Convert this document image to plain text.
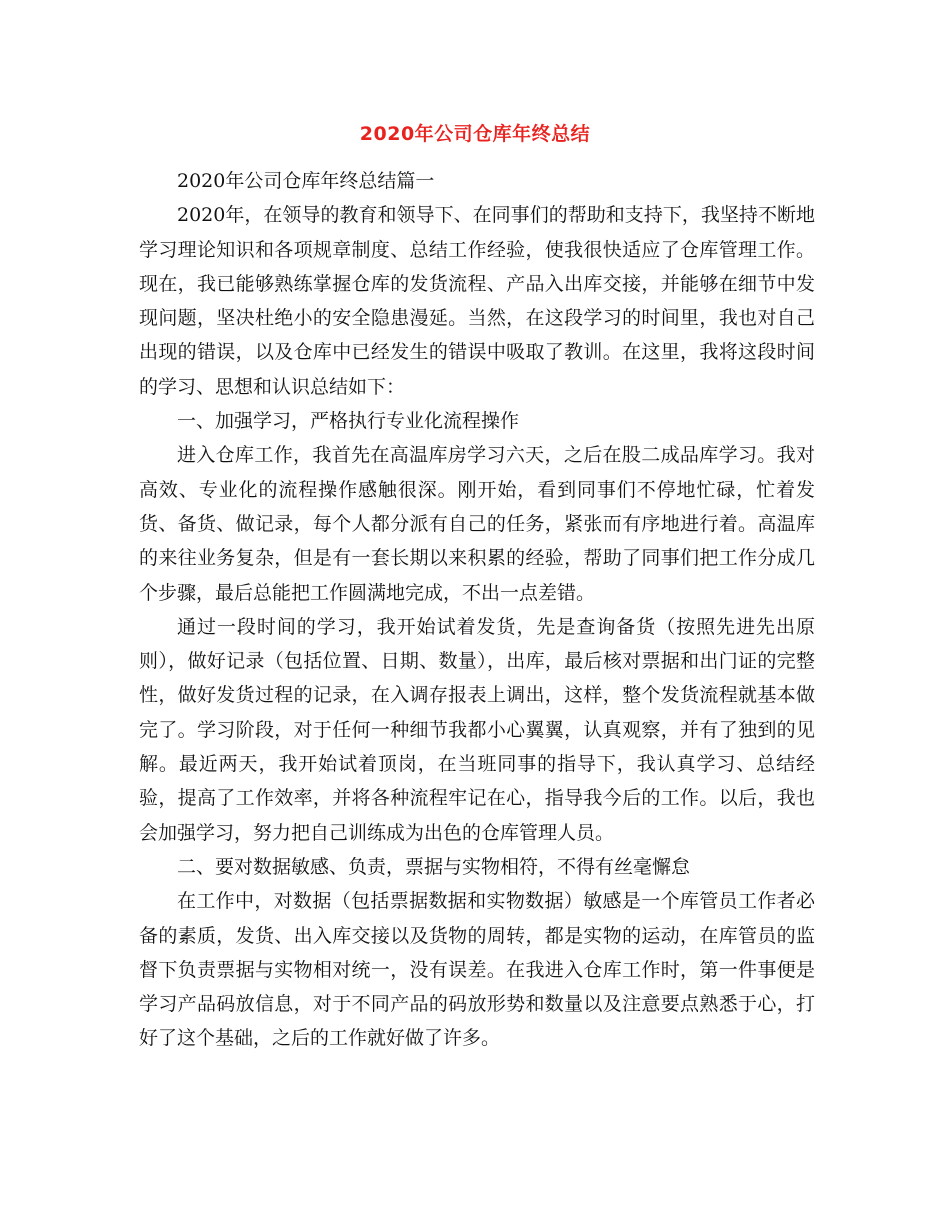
2020年公司仓库年终总结

2020年公司仓库年终总结篇一

2020年，在领导的教育和领导下、在同事们的帮助和支持下，我坚持不断地学习理论知识和各项规章制度、总结工作经验，使我很快适应了仓库管理工作。现在，我已能够熟练掌握仓库的发货流程、产品入出库交接，并能够在细节中发现问题，坚决杜绝小的安全隐患漫延。当然，在这段学习的时间里，我也对自己出现的错误，以及仓库中已经发生的错误中吸取了教训。在这里，我将这段时间的学习、思想和认识总结如下：

一、加强学习，严格执行专业化流程操作

进入仓库工作，我首先在高温库房学习六天，之后在股二成品库学习。我对高效、专业化的流程操作感触很深。刚开始，看到同事们不停地忙碌，忙着发货、备货、做记录，每个人都分派有自己的任务，紧张而有序地进行着。高温库的来往业务复杂，但是有一套长期以来积累的经验，帮助了同事们把工作分成几个步骤，最后总能把工作圆满地完成，不出一点差错。

通过一段时间的学习，我开始试着发货，先是查询备货（按照先进先出原则），做好记录（包括位置、日期、数量），出库，最后核对票据和出门证的完整性，做好发货过程的记录，在入调存报表上调出，这样，整个发货流程就基本做完了。学习阶段，对于任何一种细节我都小心翼翼，认真观察，并有了独到的见解。最近两天，我开始试着顶岗，在当班同事的指导下，我认真学习、总结经验，提高了工作效率，并将各种流程牢记在心，指导我今后的工作。以后，我也会加强学习，努力把自己训练成为出色的仓库管理人员。

二、要对数据敏感、负责，票据与实物相符，不得有丝毫懈怠

在工作中，对数据（包括票据数据和实物数据）敏感是一个库管员工作者必备的素质，发货、出入库交接以及货物的周转，都是实物的运动，在库管员的监督下负责票据与实物相对统一，没有误差。在我进入仓库工作时，第一件事便是学习产品码放信息，对于不同产品的码放形势和数量以及注意要点熟悉于心，打好了这个基础，之后的工作就好做了许多。
